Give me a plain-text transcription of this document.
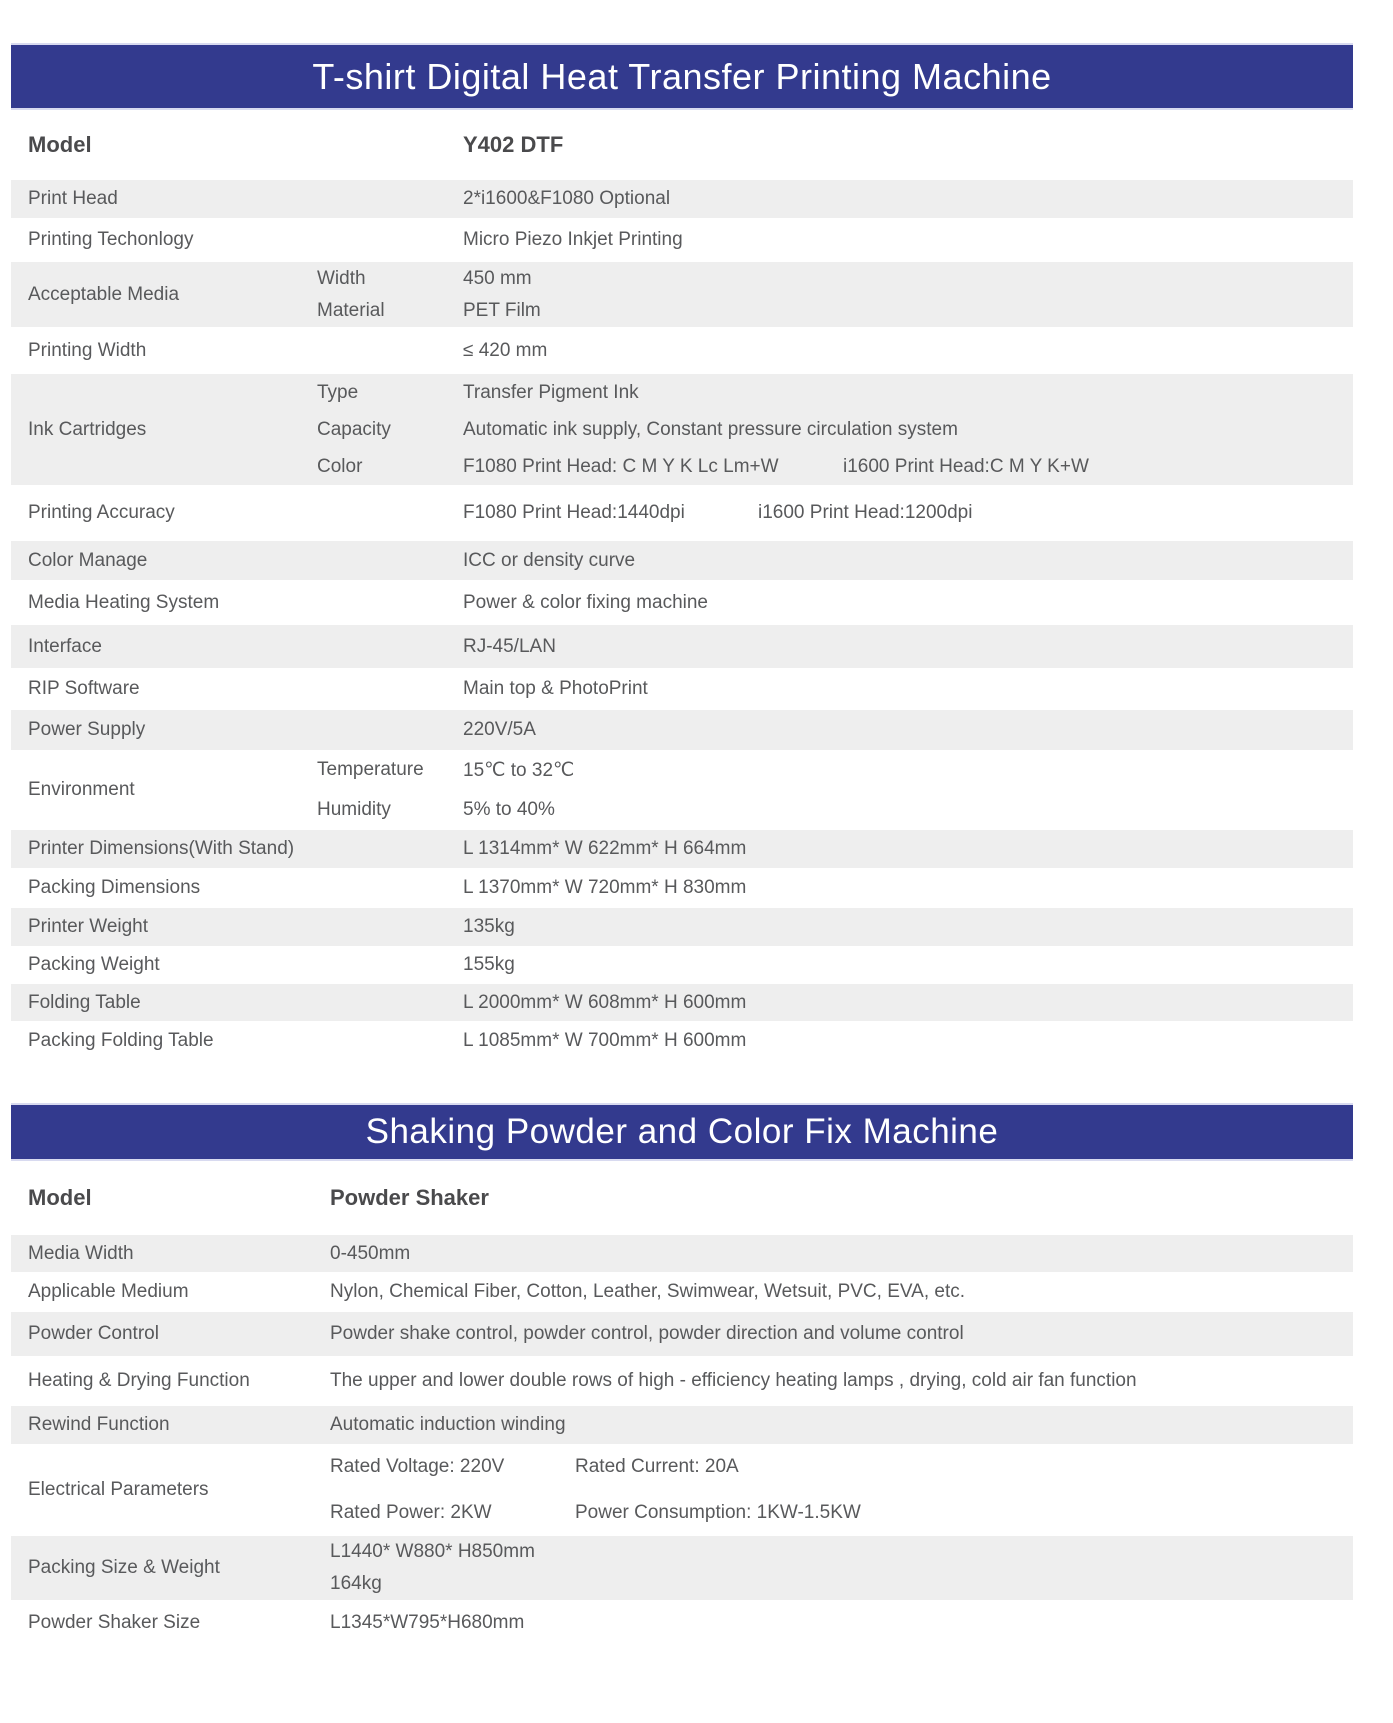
T-shirt Digital Heat Transfer Printing Machine
Model	Y402 DTF
Print Head	2*i1600&F1080 Optional
Printing Techonlogy	Micro Piezo Inkjet Printing
Acceptable Media
Width	450 mm
Material	PET Film
Printing Width	≤ 420 mm
Ink Cartridges
Type	Transfer Pigment Ink
Capacity	Automatic ink supply, Constant pressure circulation system
Color	F1080 Print Head: C M Y K Lc Lm+W	i1600 Print Head:C M Y K+W
Printing Accuracy	F1080 Print Head:1440dpi	i1600 Print Head:1200dpi
Color Manage	ICC or density curve
Media Heating System	Power & color fixing machine
Interface	RJ-45/LAN
RIP Software	Main top & PhotoPrint
Power Supply	220V/5A
Environment
Temperature	15℃ to 32℃
Humidity	5% to 40%
Printer Dimensions(With Stand)	L 1314mm* W 622mm* H 664mm
Packing Dimensions	L 1370mm* W 720mm* H 830mm
Printer Weight	135kg
Packing Weight	155kg
Folding Table	L 2000mm* W 608mm* H 600mm
Packing Folding Table	L 1085mm* W 700mm* H 600mm
Shaking Powder and Color Fix Machine
Model	Powder Shaker
Media Width	0-450mm
Applicable Medium	Nylon, Chemical Fiber, Cotton, Leather, Swimwear, Wetsuit, PVC, EVA, etc.
Powder Control	Powder shake control, powder control, powder direction and volume control
Heating & Drying Function	The upper and lower double rows of high - efficiency heating lamps , drying, cold air fan function
Rewind Function	Automatic induction winding
Electrical Parameters
Rated Voltage: 220V	Rated Current: 20A
Rated Power: 2KW	Power Consumption: 1KW-1.5KW
Packing Size & Weight
L1440* W880* H850mm
164kg
Powder Shaker Size	L1345*W795*H680mm
